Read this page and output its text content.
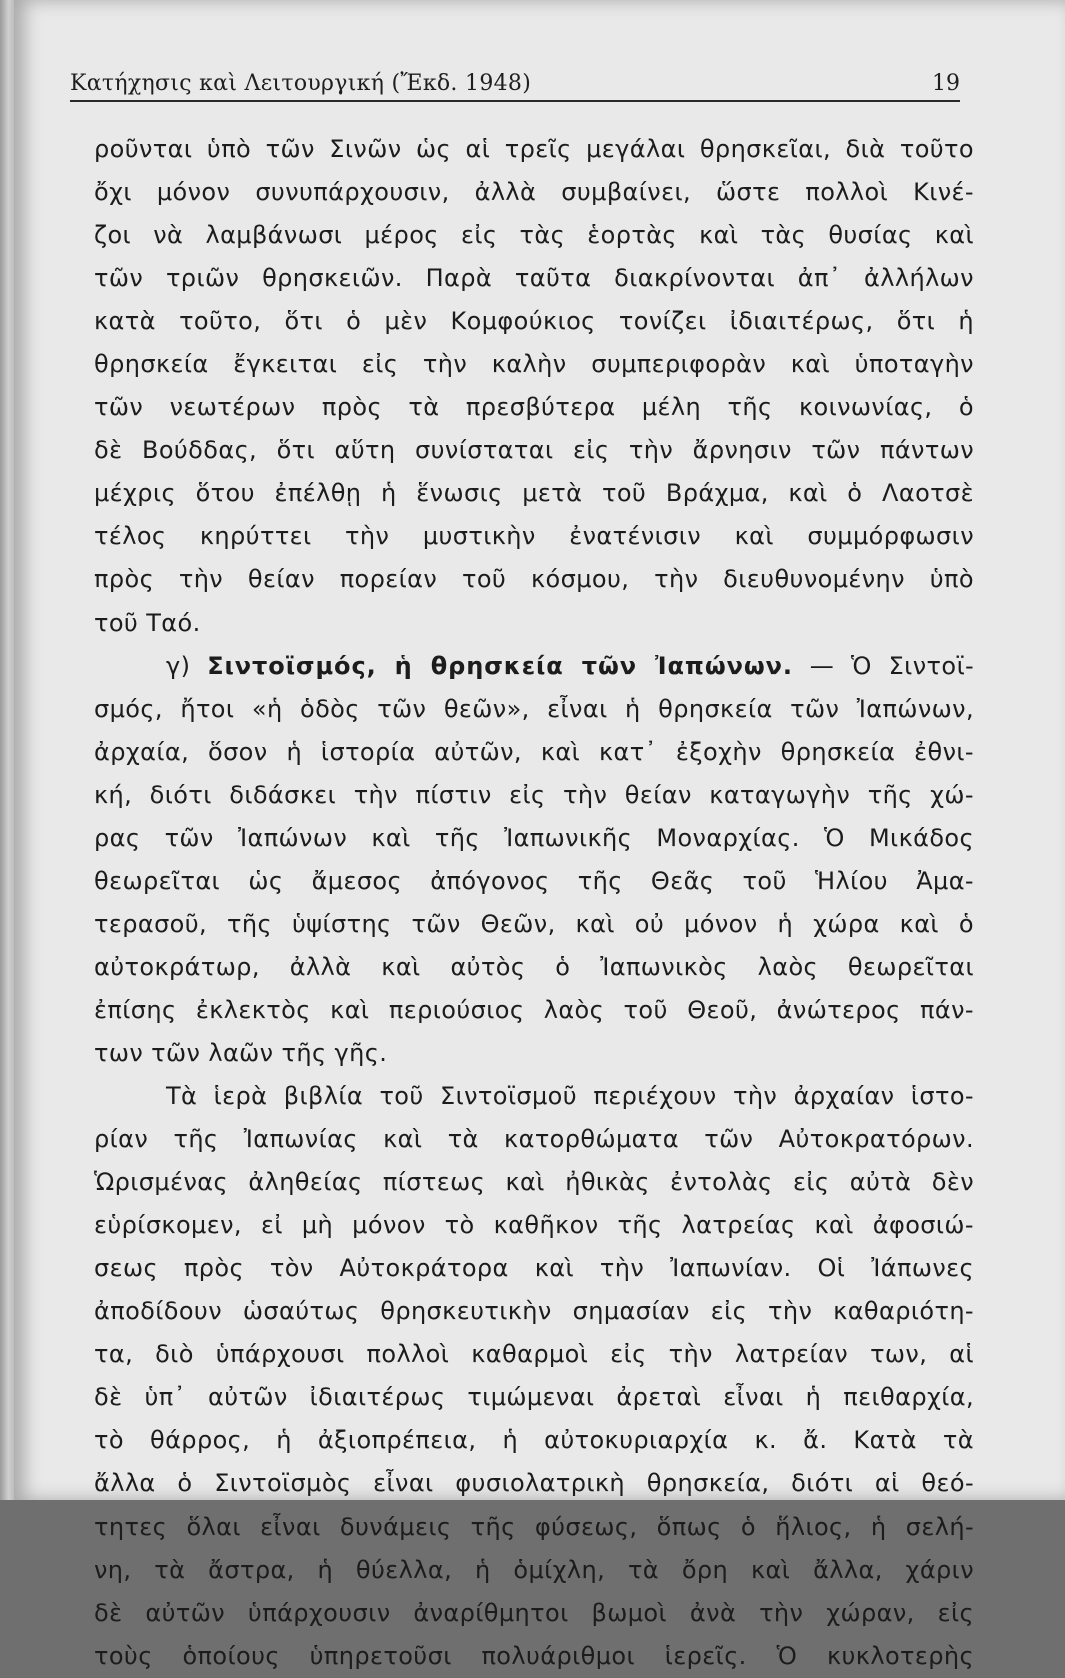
Κατήχησις καὶ Λειτουργική (Ἔκδ. 1948)	19
ροῦνται ὑπὸ τῶν Σινῶν ὡς αἱ τρεῖς μεγάλαι θρησκεῖαι, διὰ τοῦτο
ὄχι μόνον συνυπάρχουσιν, ἀλλὰ συμβαίνει, ὥστε πολλοὶ Κινέ-
ζοι νὰ λαμβάνωσι μέρος εἰς τὰς ἑορτὰς καὶ τὰς θυσίας καὶ
τῶν τριῶν θρησκειῶν. Παρὰ ταῦτα διακρίνονται ἀπ᾽ ἀλλήλων
κατὰ τοῦτο, ὅτι ὁ μὲν Κομφούκιος τονίζει ἰδιαιτέρως, ὅτι ἡ
θρησκεία ἔγκειται εἰς τὴν καλὴν συμπεριφορὰν καὶ ὑποταγὴν
τῶν νεωτέρων πρὸς τὰ πρεσβύτερα μέλη τῆς κοινωνίας, ὁ
δὲ Βούδδας, ὅτι αὕτη συνίσταται εἰς τὴν ἄρνησιν τῶν πάντων
μέχρις ὅτου ἐπέλθῃ ἡ ἕνωσις μετὰ τοῦ Βράχμα, καὶ ὁ Λαοτσὲ
τέλος κηρύττει τὴν μυστικὴν ἐνατένισιν καὶ συμμόρφωσιν
πρὸς τὴν θείαν πορείαν τοῦ κόσμου, τὴν διευθυνομένην ὑπὸ
τοῦ Ταό.
γ) Σιντοϊσμός, ἡ θρησκεία τῶν Ἰαπώνων. — Ὁ Σιντοϊ-
σμός, ἤτοι «ἡ ὁδὸς τῶν θεῶν», εἶναι ἡ θρησκεία τῶν Ἰαπώνων,
ἀρχαία, ὅσον ἡ ἱστορία αὐτῶν, καὶ κατ᾽ ἐξοχὴν θρησκεία ἐθνι-
κή, διότι διδάσκει τὴν πίστιν εἰς τὴν θείαν καταγωγὴν τῆς χώ-
ρας τῶν Ἰαπώνων καὶ τῆς Ἰαπωνικῆς Μοναρχίας. Ὁ Μικάδος
θεωρεῖται ὡς ἄμεσος ἀπόγονος τῆς Θεᾶς τοῦ Ἡλίου Ἀμα-
τερασοῦ, τῆς ὑψίστης τῶν Θεῶν, καὶ οὐ μόνον ἡ χώρα καὶ ὁ
αὐτοκράτωρ, ἀλλὰ καὶ αὐτὸς ὁ Ἰαπωνικὸς λαὸς θεωρεῖται
ἐπίσης ἐκλεκτὸς καὶ περιούσιος λαὸς τοῦ Θεοῦ, ἀνώτερος πάν-
των τῶν λαῶν τῆς γῆς.
Τὰ ἱερὰ βιβλία τοῦ Σιντοϊσμοῦ περιέχουν τὴν ἀρχαίαν ἱστο-
ρίαν τῆς Ἰαπωνίας καὶ τὰ κατορθώματα τῶν Αὐτοκρατόρων.
Ὡρισμένας ἀληθείας πίστεως καὶ ἠθικὰς ἐντολὰς εἰς αὐτὰ δὲν
εὑρίσκομεν, εἰ μὴ μόνον τὸ καθῆκον τῆς λατρείας καὶ ἀφοσιώ-
σεως πρὸς τὸν Αὐτοκράτορα καὶ τὴν Ἰαπωνίαν. Οἱ Ἰάπωνες
ἀποδίδουν ὡσαύτως θρησκευτικὴν σημασίαν εἰς τὴν καθαριότη-
τα, διὸ ὑπάρχουσι πολλοὶ καθαρμοὶ εἰς τὴν λατρείαν των, αἱ
δὲ ὑπ᾽ αὐτῶν ἰδιαιτέρως τιμώμεναι ἀρεταὶ εἶναι ἡ πειθαρχία,
τὸ θάρρος, ἡ ἀξιοπρέπεια, ἡ αὐτοκυριαρχία κ. ἄ. Κατὰ τὰ
ἄλλα ὁ Σιντοϊσμὸς εἶναι φυσιολατρικὴ θρησκεία, διότι αἱ θεό-
τητες ὅλαι εἶναι δυνάμεις τῆς φύσεως, ὅπως ὁ ἥλιος, ἡ σελή-
νη, τὰ ἄστρα, ἡ θύελλα, ἡ ὁμίχλη, τὰ ὄρη καὶ ἄλλα, χάριν
δὲ αὐτῶν ὑπάρχουσιν ἀναρίθμητοι βωμοὶ ἀνὰ τὴν χώραν, εἰς
τοὺς ὁποίους ὑπηρετοῦσι πολυάριθμοι ἱερεῖς. Ὁ κυκλοτερὴς
